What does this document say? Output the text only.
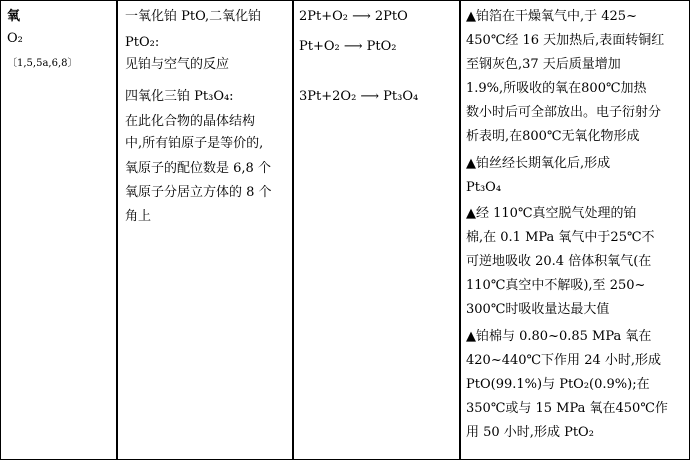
氧
O₂
〔1,5,5a,6,8〕
一氧化铂 PtO,二氧化铂
PtO₂:
见铂与空气的反应
四氧化三铂 Pt₃O₄:
在此化合物的晶体结构
中,所有铂原子是等价的,
氧原子的配位数是 6,8 个
氧原子分居立方体的 8 个
角上
2Pt+O₂ ⟶ 2PtO
Pt+O₂ ⟶ PtO₂
3Pt+2O₂ ⟶ Pt₃O₄
▲铂箔在干燥氧气中,于 425~
450℃经 16 天加热后,表面转铜红
至钢灰色,37 天后质量增加
1.9%,所吸收的氧在800℃加热
数小时后可全部放出。电子衍射分
析表明,在800℃无氧化物形成
▲铂丝经长期氧化后,形成
Pt₃O₄
▲经 110℃真空脱气处理的铂
棉,在 0.1 MPa 氧气中于25℃不
可逆地吸收 20.4 倍体积氧气(在
110℃真空中不解吸),至 250~
300℃时吸收量达最大值
▲铂棉与 0.80~0.85 MPa 氧在
420~440℃下作用 24 小时,形成
PtO(99.1%)与 PtO₂(0.9%);在
350℃或与 15 MPa 氧在450℃作
用 50 小时,形成 PtO₂
